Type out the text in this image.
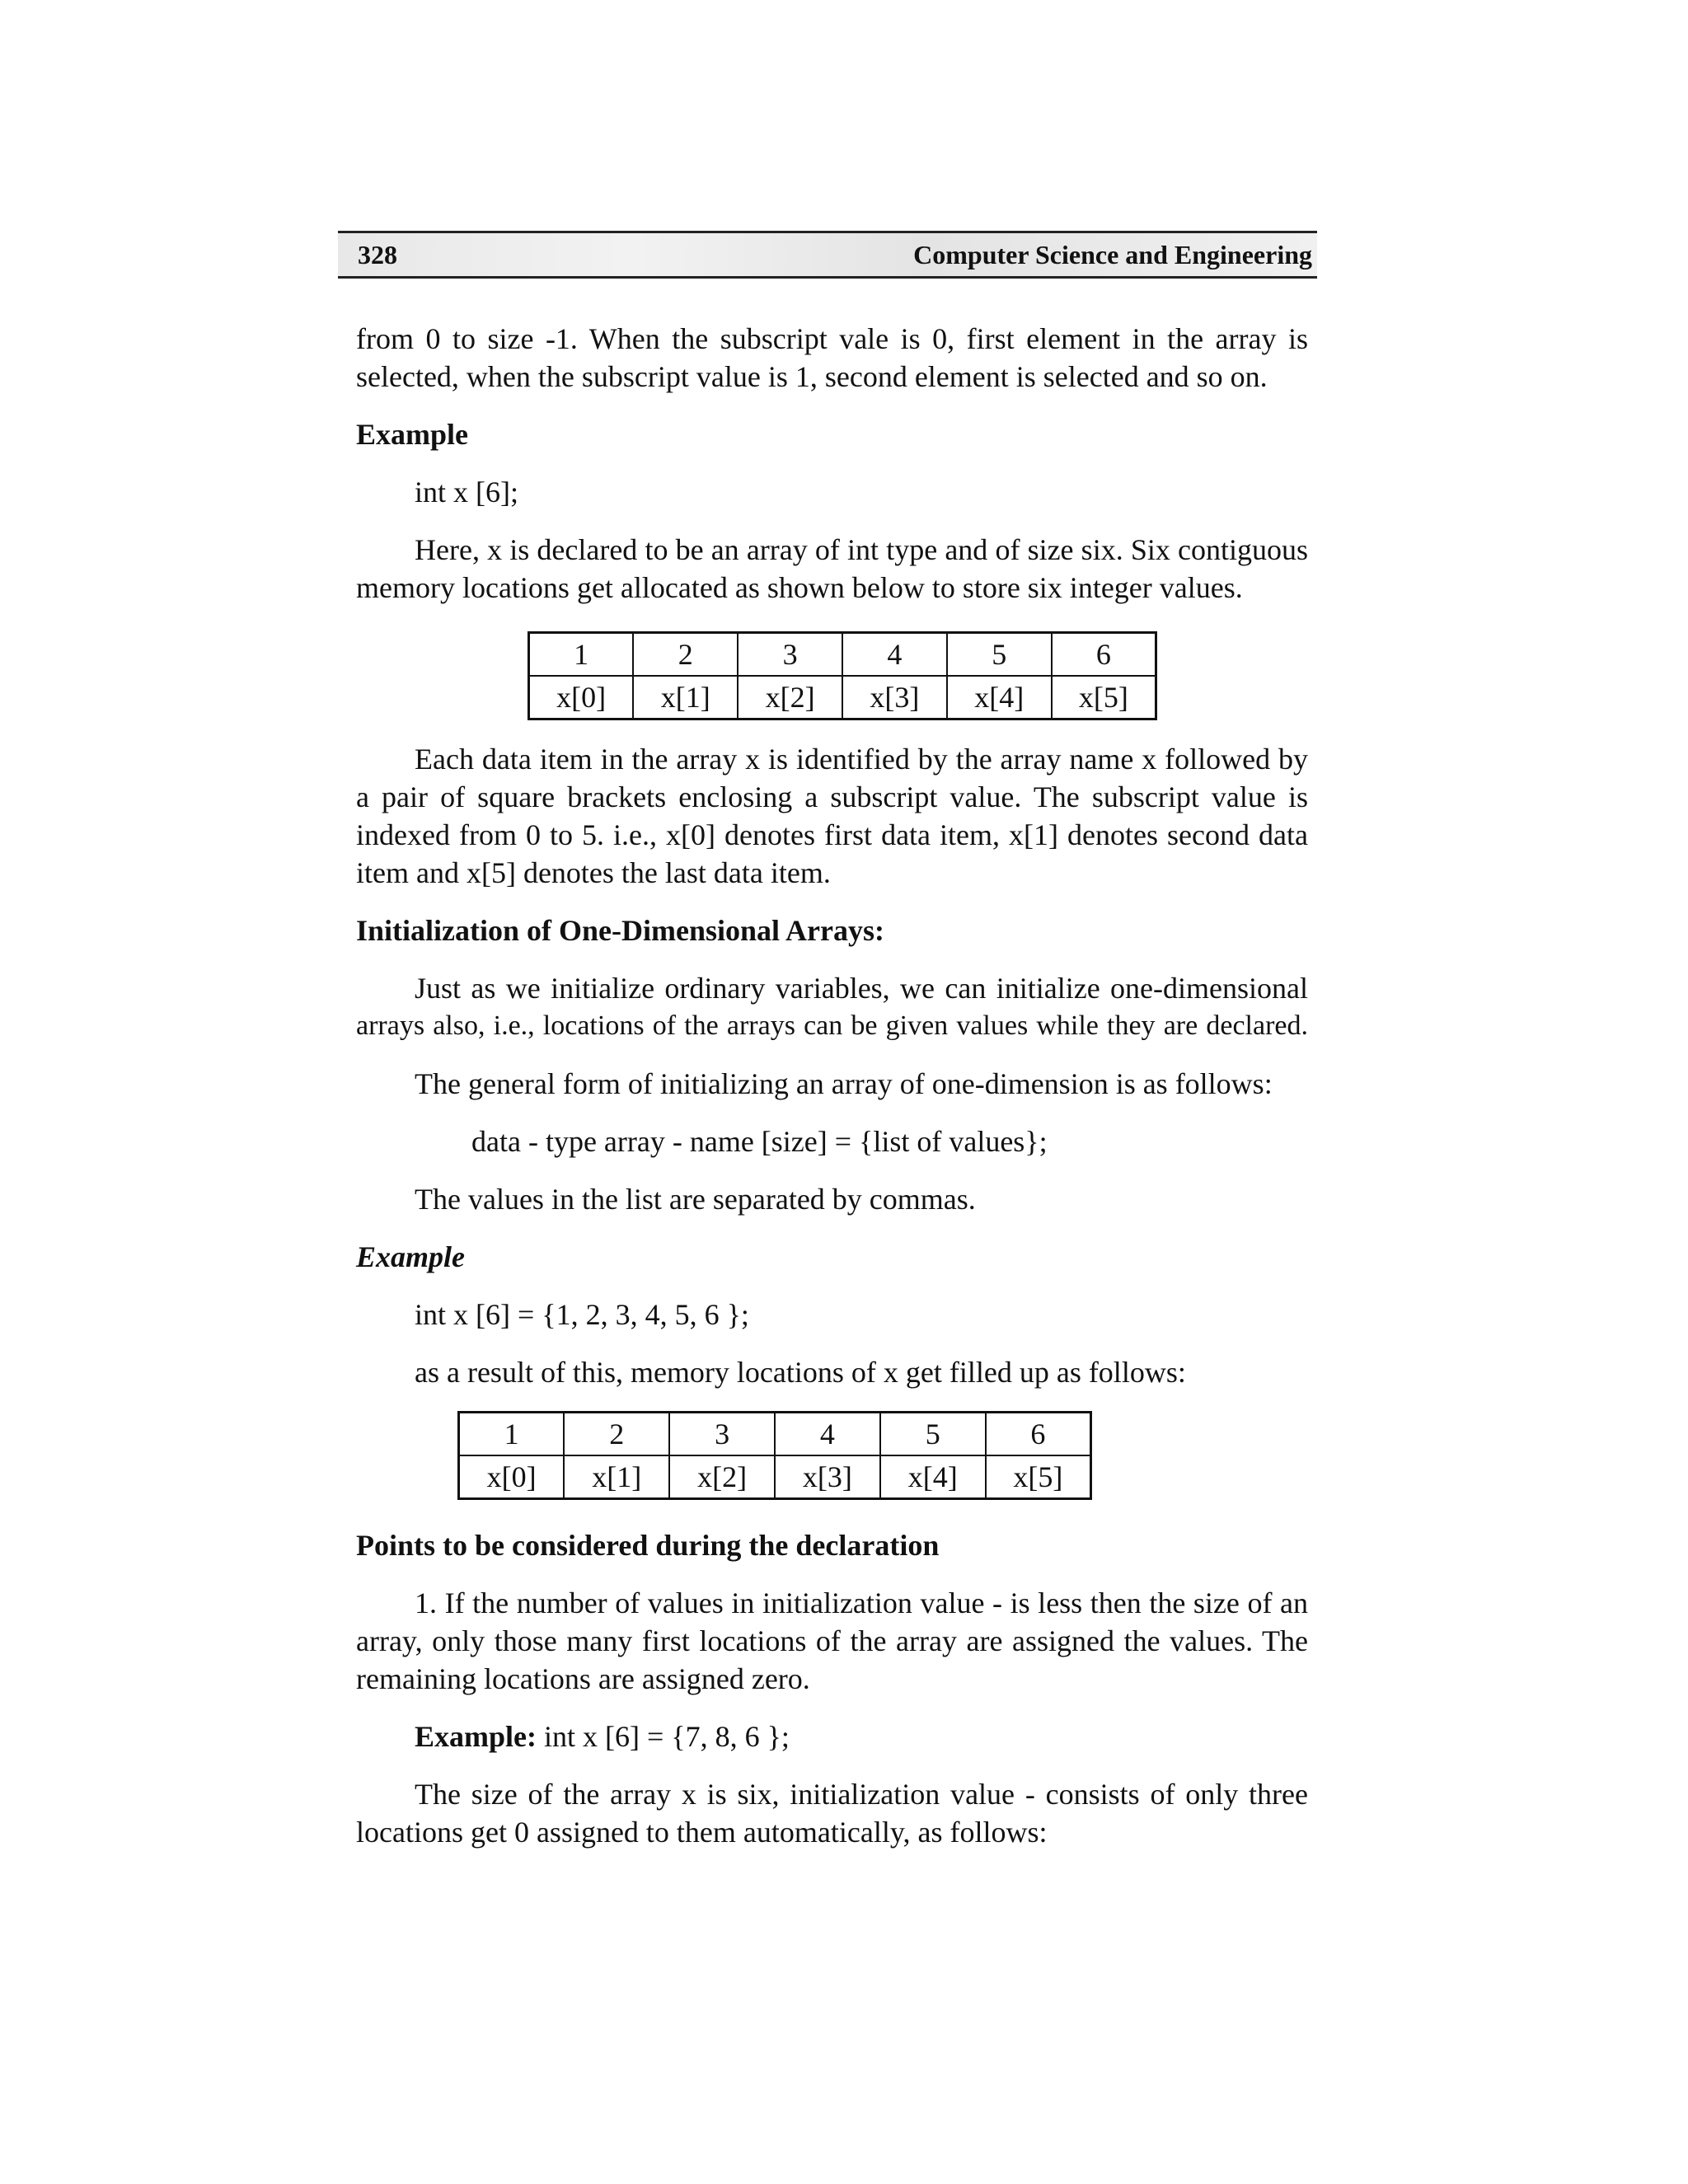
328	Computer Science and Engineering
from 0 to size -1. When the subscript vale is 0, first element in the array is
selected, when the subscript value is 1, second element is selected and so on.
Example
int x [6];
Here, x is declared to be an array of int type and of size six. Six contiguous
memory locations get allocated as shown below to store six integer values.
1	2	3	4	5	6
x[0]	x[1]	x[2]	x[3]	x[4]	x[5]
Each data item in the array x is identified by the array name x followed by
a pair of square brackets enclosing a subscript value. The subscript value is
indexed from 0 to 5. i.e., x[0] denotes first data item, x[1] denotes second data
item and x[5] denotes the last data item.
Initialization of One-Dimensional Arrays:
Just as we initialize ordinary variables, we can initialize one-dimensional
arrays also, i.e., locations of the arrays can be given values while they are declared.
The general form of initializing an array of one-dimension is as follows:
data - type array - name [size] = {list of values};
The values in the list are separated by commas.
Example
int x [6] = {1, 2, 3, 4, 5, 6 };
as a result of this, memory locations of x get filled up as follows:
1	2	3	4	5	6
x[0]	x[1]	x[2]	x[3]	x[4]	x[5]
Points to be considered during the declaration
1. If the number of values in initialization value - is less then the size of an
array, only those many first locations of the array are assigned the values. The
remaining locations are assigned zero.
Example: int x [6] = {7, 8, 6 };
The size of the array x is six, initialization value - consists of only three
locations get 0 assigned to them automatically, as follows:
